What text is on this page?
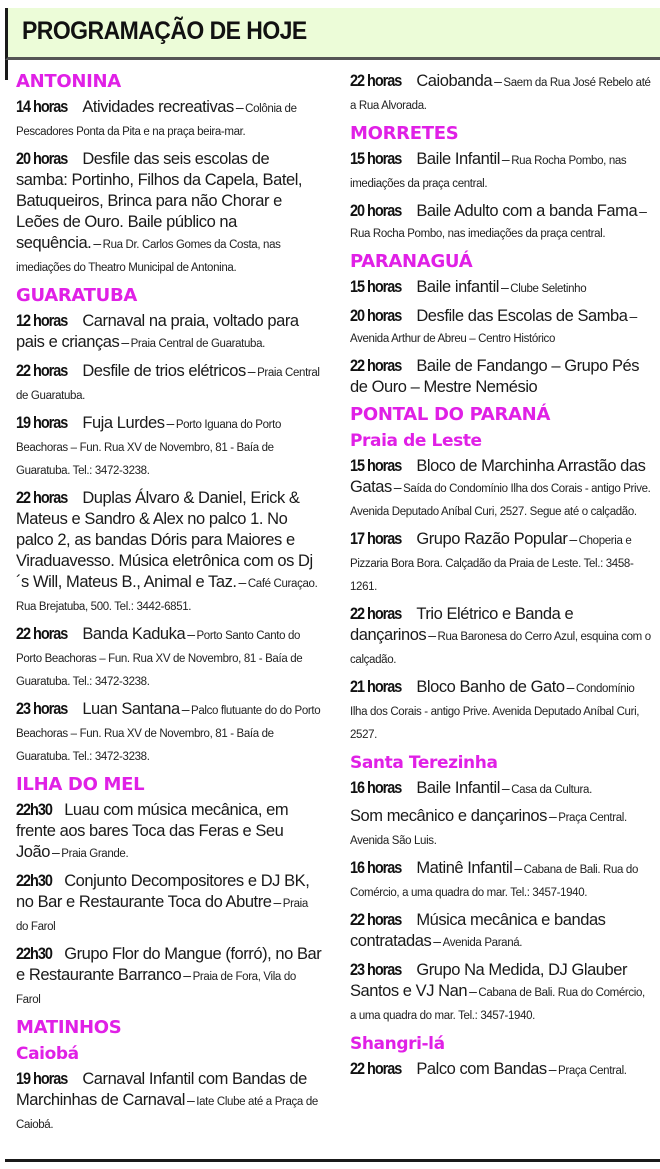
PROGRAMAÇÃO DE HOJE
ANTONINA
14 horas Atividades recreativas – Colônia de Pescadores Ponta da Pita e na praça beira-mar.
20 horas Desfile das seis escolas de samba: Portinho, Filhos da Capela, Batel, Batuqueiros, Brinca para não Chorar e Leões de Ouro. Baile público na sequência. – Rua Dr. Carlos Gomes da Costa, nas imediações do Theatro Municipal de Antonina.
GUARATUBA
12 horas Carnaval na praia, voltado para pais e crianças – Praia Central de Guaratuba.
22 horas Desfile de trios elétricos – Praia Central de Guaratuba.
19 horas Fuja Lurdes – Porto Iguana do Porto Beachoras – Fun. Rua XV de Novembro, 81 - Baía de Guaratuba. Tel.: 3472-3238.
22 horas Duplas Álvaro & Daniel, Erick & Mateus e Sandro & Alex no palco 1. No palco 2, as bandas Dóris para Maiores e Viraduavesso. Música eletrônica com os Dj´s Will, Mateus B., Animal e Taz. – Café Curaçao. Rua Brejatuba, 500. Tel.: 3442-6851.
22 horas Banda Kaduka – Porto Santo Canto do Porto Beachoras – Fun. Rua XV de Novembro, 81 - Baía de Guaratuba. Tel.: 3472-3238.
23 horas Luan Santana – Palco flutuante do do Porto Beachoras – Fun. Rua XV de Novembro, 81 - Baía de Guaratuba. Tel.: 3472-3238.
ILHA DO MEL
22h30 Luau com música mecânica, em frente aos bares Toca das Feras e Seu João – Praia Grande.
22h30 Conjunto Decompositores e DJ BK, no Bar e Restaurante Toca do Abutre – Praia do Farol
22h30 Grupo Flor do Mangue (forró), no Bar e Restaurante Barranco – Praia de Fora, Vila do Farol
MATINHOS
Caiobá
19 horas Carnaval Infantil com Bandas de Marchinhas de Carnaval – Iate Clube até a Praça de Caiobá.
22 horas Caiobanda – Saem da Rua José Rebelo até a Rua Alvorada.
MORRETES
15 horas Baile Infantil – Rua Rocha Pombo, nas imediações da praça central.
20 horas Baile Adulto com a banda Fama –Rua Rocha Pombo, nas imediações da praça central.
PARANAGUÁ
15 horas Baile infantil – Clube Seletinho
20 horas Desfile das Escolas de Samba –Avenida Arthur de Abreu – Centro Histórico
22 horas Baile de Fandango – Grupo Pés de Ouro – Mestre Nemésio
PONTAL DO PARANÁ
Praia de Leste
15 horas Bloco de Marchinha Arrastão das Gatas – Saída do Condomínio Ilha dos Corais - antigo Prive. Avenida Deputado Aníbal Curi, 2527. Segue até o calçadão.
17 horas Grupo Razão Popular – Choperia e Pizzaria Bora Bora. Calçadão da Praia de Leste. Tel.: 3458-1261.
22 horas Trio Elétrico e Banda e dançarinos – Rua Baronesa do Cerro Azul, esquina com o calçadão.
21 horas Bloco Banho de Gato – Condomínio Ilha dos Corais - antigo Prive. Avenida Deputado Aníbal Curi, 2527.
Santa Terezinha
16 horas Baile Infantil – Casa da Cultura.
Som mecânico e dançarinos – Praça Central. Avenida São Luis.
16 horas Matinê Infantil – Cabana de Bali. Rua do Comércio, a uma quadra do mar. Tel.: 3457-1940.
22 horas Música mecânica e bandas contratadas – Avenida Paraná.
23 horas Grupo Na Medida, DJ Glauber Santos e VJ Nan – Cabana de Bali. Rua do Comércio, a uma quadra do mar. Tel.: 3457-1940.
Shangri-lá
22 horas Palco com Bandas – Praça Central.
